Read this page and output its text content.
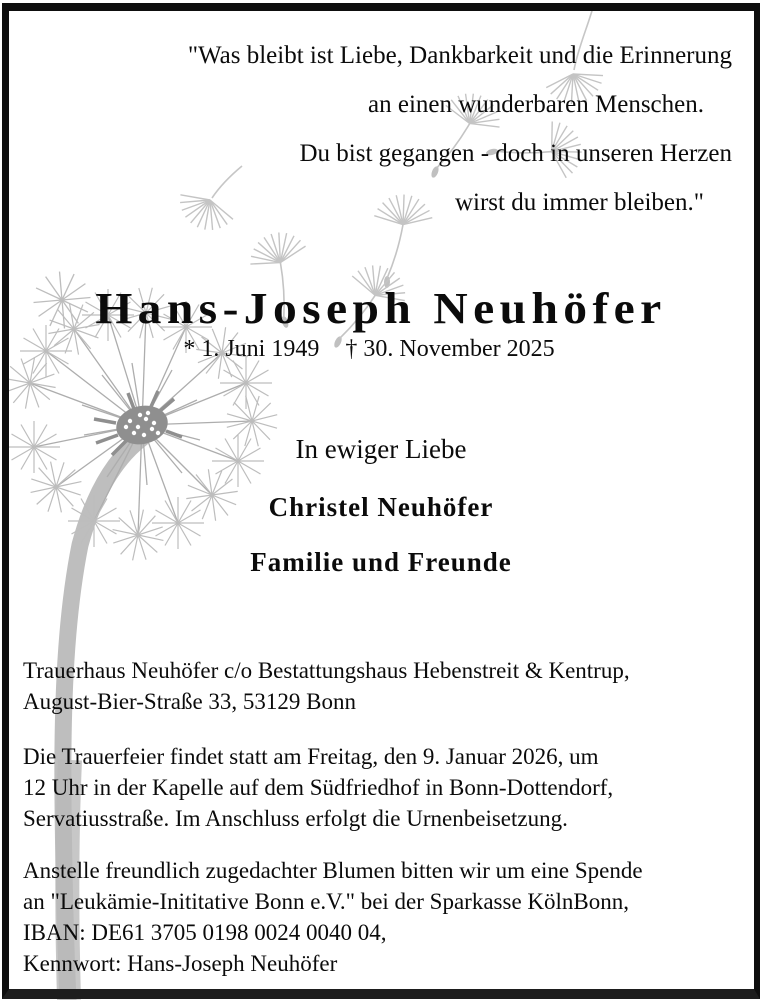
"Was bleibt ist Liebe, Dankbarkeit und die Erinnerung
an einen wunderbaren Menschen.
Du bist gegangen - doch in unseren Herzen
wirst du immer bleiben."
Hans-Joseph Neuhöfer
* 1. Juni 1949 † 30. November 2025
In ewiger Liebe
Christel Neuhöfer
Familie und Freunde
Trauerhaus Neuhöfer c/o Bestattungshaus Hebenstreit & Kentrup,
August-Bier-Straße 33, 53129 Bonn
Die Trauerfeier findet statt am Freitag, den 9. Januar 2026, um
12 Uhr in der Kapelle auf dem Südfriedhof in Bonn-Dottendorf,
Servatiusstraße. Im Anschluss erfolgt die Urnenbeisetzung.
Anstelle freundlich zugedachter Blumen bitten wir um eine Spende
an "Leukämie-Inititative Bonn e.V." bei der Sparkasse KölnBonn,
IBAN: DE61 3705 0198 0024 0040 04,
Kennwort: Hans-Joseph Neuhöfer
